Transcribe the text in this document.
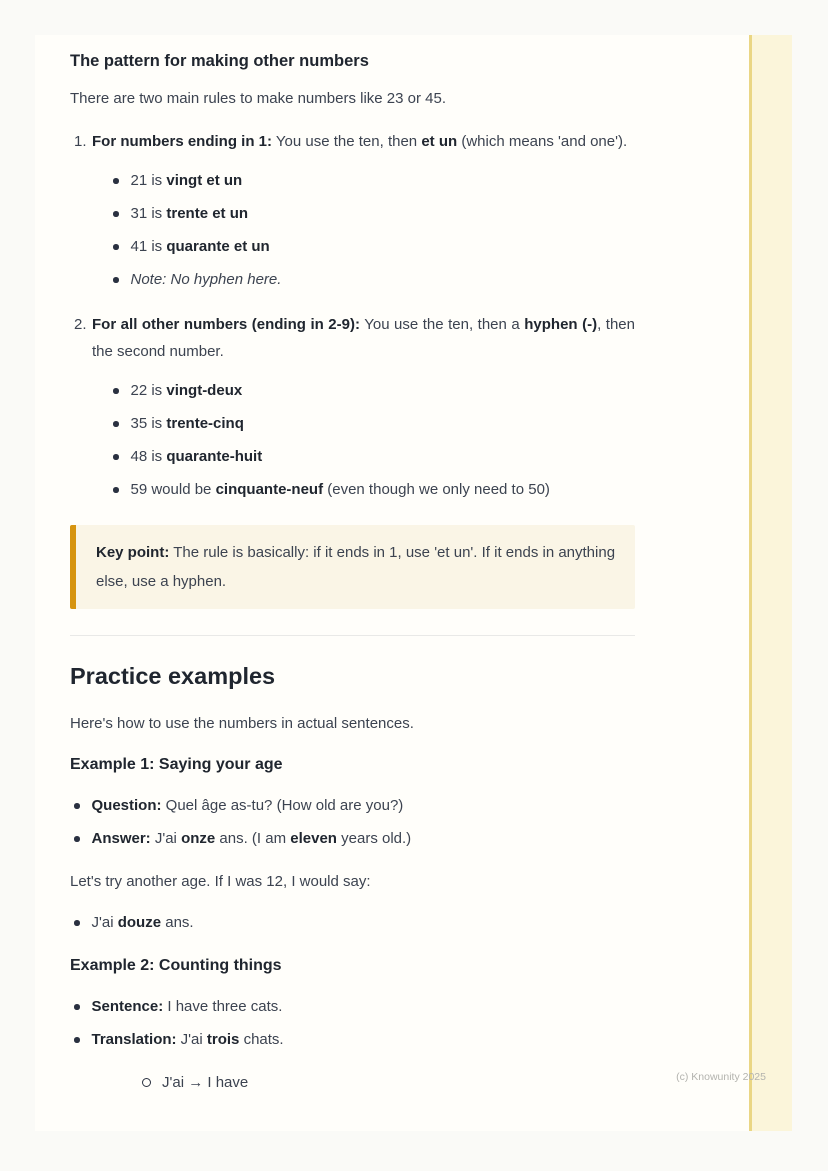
The pattern for making other numbers
There are two main rules to make numbers like 23 or 45.
1. For numbers ending in 1: You use the ten, then et un (which means 'and one').
21 is vingt et un
31 is trente et un
41 is quarante et un
Note: No hyphen here.
2. For all other numbers (ending in 2-9): You use the ten, then a hyphen (-), then the second number.
22 is vingt-deux
35 is trente-cinq
48 is quarante-huit
59 would be cinquante-neuf (even though we only need to 50)
Key point: The rule is basically: if it ends in 1, use 'et un'. If it ends in anything else, use a hyphen.
Practice examples
Here's how to use the numbers in actual sentences.
Example 1: Saying your age
Question: Quel âge as-tu? (How old are you?)
Answer: J'ai onze ans. (I am eleven years old.)
Let's try another age. If I was 12, I would say:
J'ai douze ans.
Example 2: Counting things
Sentence: I have three cats.
Translation: J'ai trois chats.
J'ai → I have	(c) Knowunity 2025
